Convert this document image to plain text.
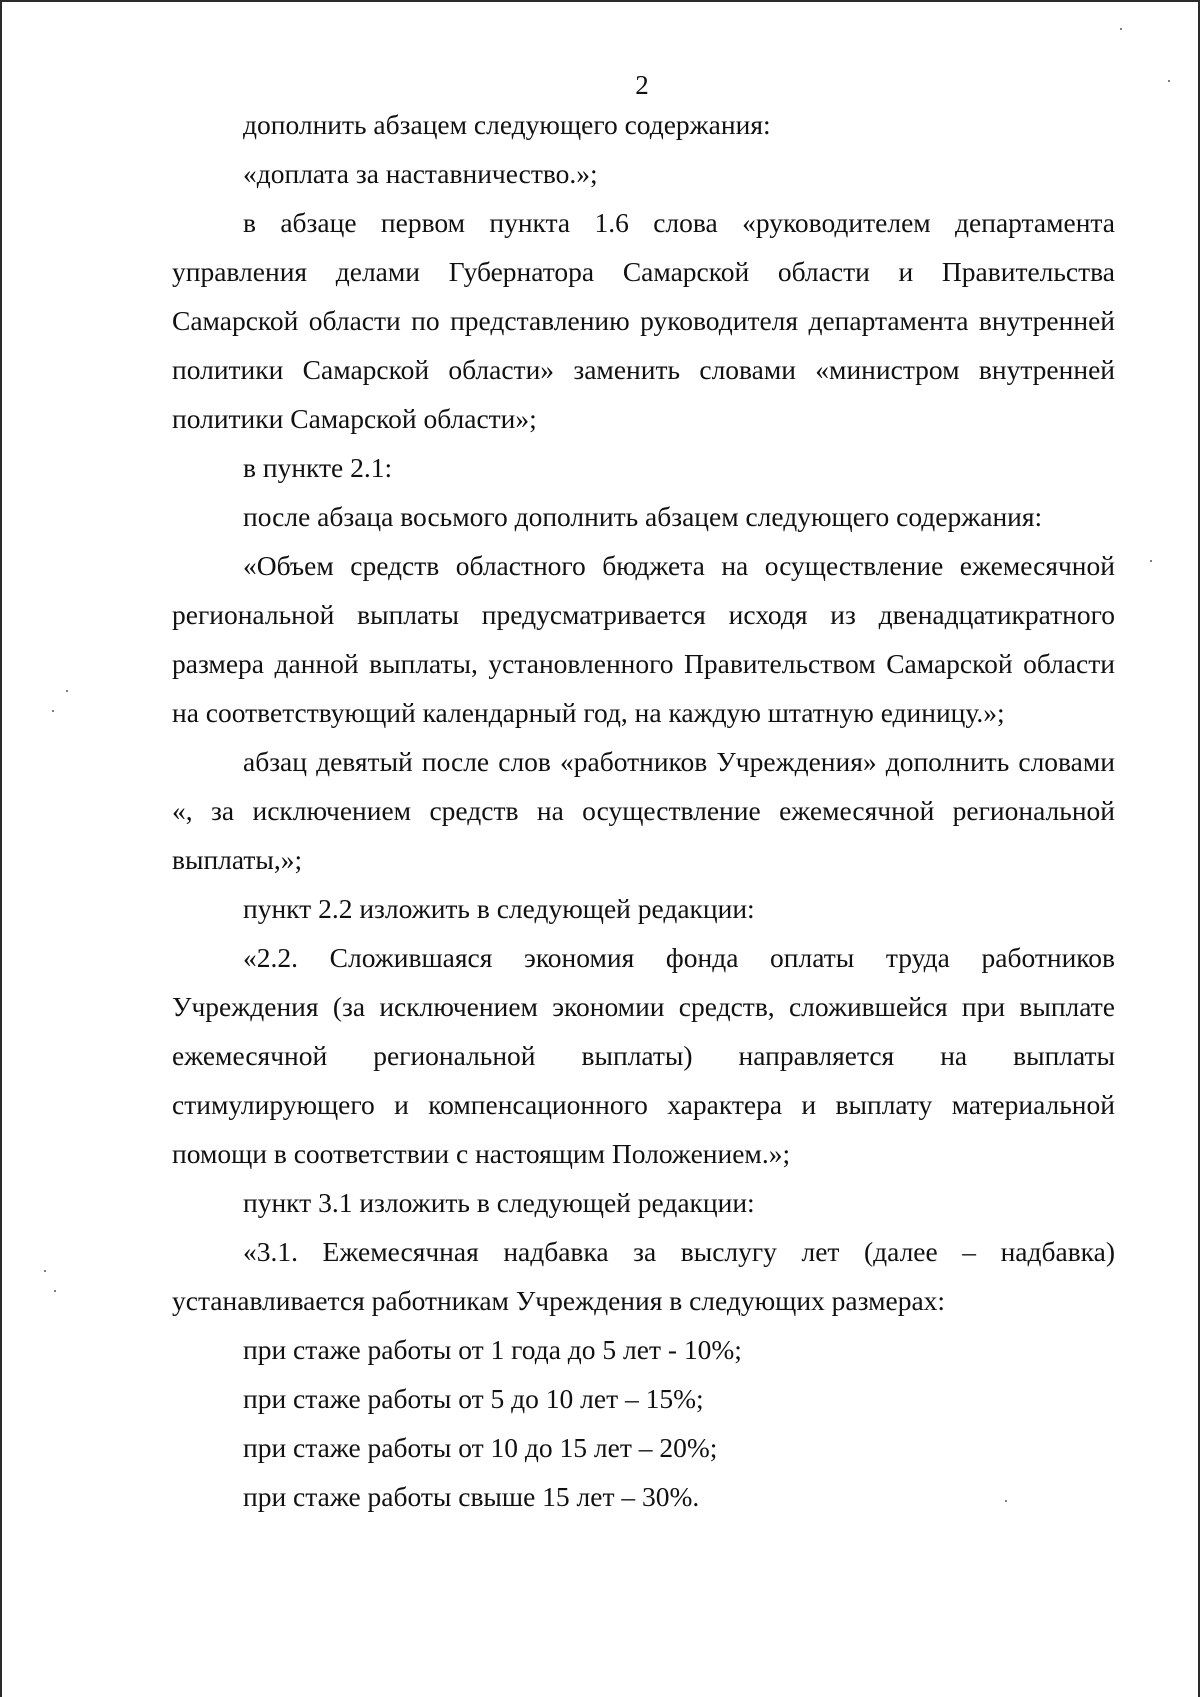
2

дополнить абзацем следующего содержания:

«доплата за наставничество.»;

в абзаце первом пункта 1.6 слова «руководителем департамента управления делами Губернатора Самарской области и Правительства Самарской области по представлению руководителя департамента внутренней политики Самарской области» заменить словами «министром внутренней политики Самарской области»;

в пункте 2.1:

после абзаца восьмого дополнить абзацем следующего содержания:

«Объем средств областного бюджета на осуществление ежемесячной региональной выплаты предусматривается исходя из двенадцатикратного размера данной выплаты, установленного Правительством Самарской области на соответствующий календарный год, на каждую штатную единицу.»;

абзац девятый после слов «работников Учреждения» дополнить словами «, за исключением средств на осуществление ежемесячной региональной выплаты,»;

пункт 2.2 изложить в следующей редакции:

«2.2. Сложившаяся экономия фонда оплаты труда работников Учреждения (за исключением экономии средств, сложившейся при выплате ежемесячной региональной выплаты) направляется на выплаты стимулирующего и компенсационного характера и выплату материальной помощи в соответствии с настоящим Положением.»;

пункт 3.1 изложить в следующей редакции:

«3.1. Ежемесячная надбавка за выслугу лет (далее – надбавка) устанавливается работникам Учреждения в следующих размерах:

при стаже работы от 1 года до 5 лет - 10%;

при стаже работы от 5 до 10 лет – 15%;

при стаже работы от 10 до 15 лет – 20%;

при стаже работы свыше 15 лет – 30%.
